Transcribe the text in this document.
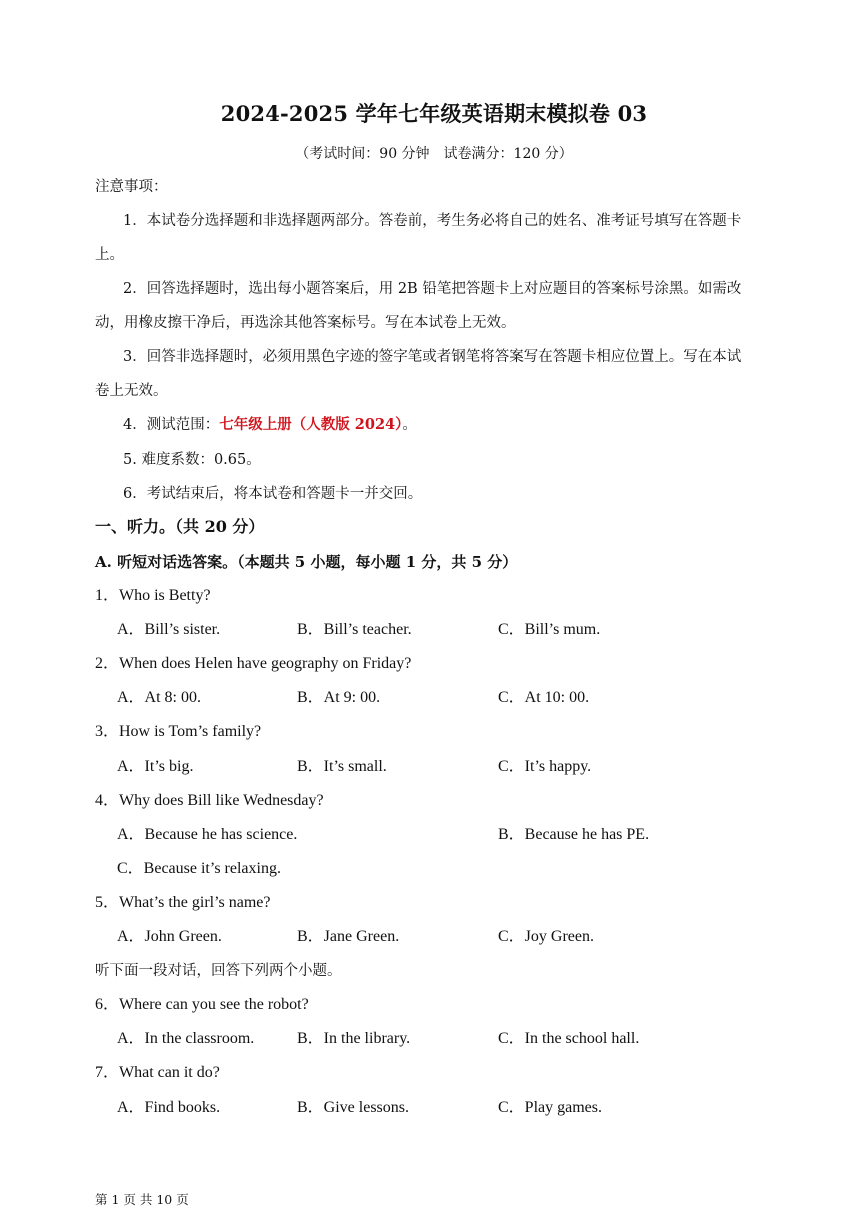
2024-2025 学年七年级英语期末模拟卷 03
（考试时间：90 分钟　试卷满分：120 分）
注意事项：
1．本试卷分选择题和非选择题两部分。答卷前，考生务必将自己的姓名、准考证号填写在答题卡
上。
2．回答选择题时，选出每小题答案后，用 2B 铅笔把答题卡上对应题目的答案标号涂黑。如需改
动，用橡皮擦干净后，再选涂其他答案标号。写在本试卷上无效。
3．回答非选择题时，必须用黑色字迹的签字笔或者钢笔将答案写在答题卡相应位置上。写在本试
卷上无效。
4．测试范围：七年级上册（人教版 2024）。
5. 难度系数：0.65。
6．考试结束后，将本试卷和答题卡一并交回。
一、听力。（共 20 分）
A. 听短对话选答案。（本题共 5 小题，每小题 1 分，共 5 分）
1．Who is Betty?
A．Bill’s sister.	B．Bill’s teacher.	C．Bill’s mum.
2．When does Helen have geography on Friday?
A．At 8: 00.	B．At 9: 00.	C．At 10: 00.
3．How is Tom’s family?
A．It’s big.	B．It’s small.	C．It’s happy.
4．Why does Bill like Wednesday?
A．Because he has science.	B．Because he has PE.
C．Because it’s relaxing.
5．What’s the girl’s name?
A．John Green.	B．Jane Green.	C．Joy Green.
听下面一段对话，回答下列两个小题。
6．Where can you see the robot?
A．In the classroom.	B．In the library.	C．In the school hall.
7．What can it do?
A．Find books.	B．Give lessons.	C．Play games.
第 1 页 共 10 页
